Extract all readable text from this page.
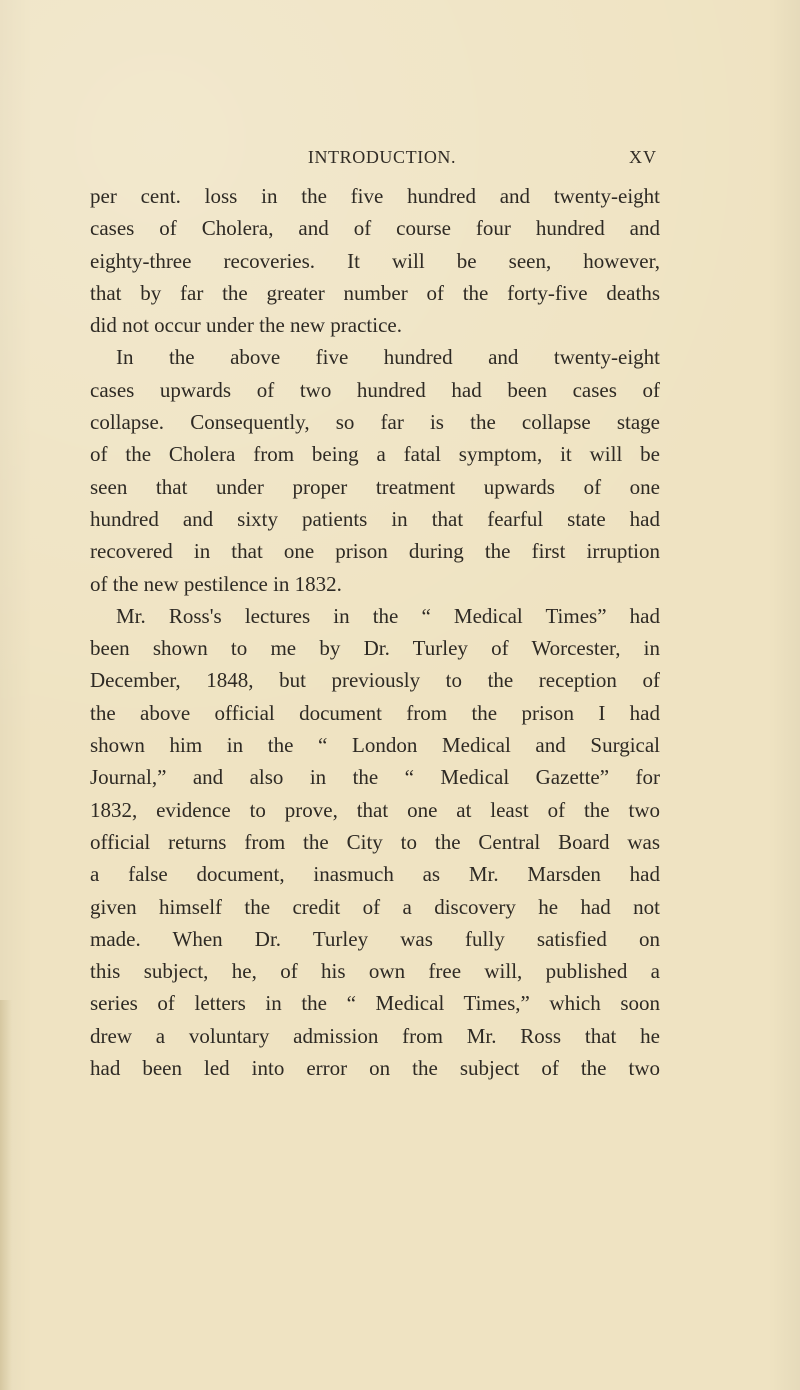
INTRODUCTION.	XV
per cent. loss in the five hundred and twenty-eight
cases of Cholera, and of course four hundred and
eighty-three recoveries. It will be seen, however,
that by far the greater number of the forty-five deaths
did not occur under the new practice.
In the above five hundred and twenty-eight
cases upwards of two hundred had been cases of
collapse. Consequently, so far is the collapse stage
of the Cholera from being a fatal symptom, it will be
seen that under proper treatment upwards of one
hundred and sixty patients in that fearful state had
recovered in that one prison during the first irruption
of the new pestilence in 1832.
Mr. Ross's lectures in the “ Medical Times” had
been shown to me by Dr. Turley of Worcester, in
December, 1848, but previously to the reception of
the above official document from the prison I had
shown him in the “ London Medical and Surgical
Journal,” and also in the “ Medical Gazette” for
1832, evidence to prove, that one at least of the two
official returns from the City to the Central Board was
a false document, inasmuch as Mr. Marsden had
given himself the credit of a discovery he had not
made. When Dr. Turley was fully satisfied on
this subject, he, of his own free will, published a
series of letters in the “ Medical Times,” which soon
drew a voluntary admission from Mr. Ross that he
had been led into error on the subject of the two
